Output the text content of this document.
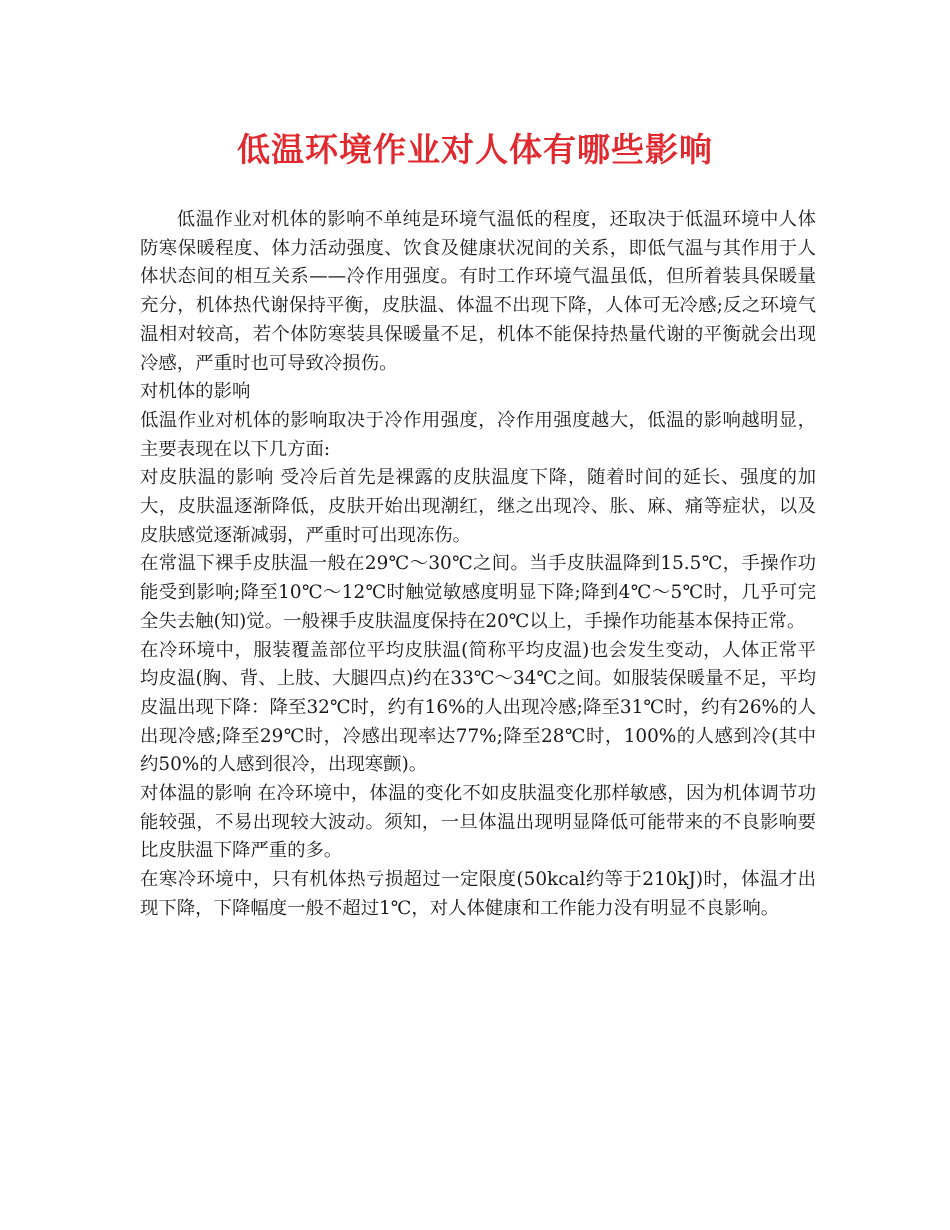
低温环境作业对人体有哪些影响

低温作业对机体的影响不单纯是环境气温低的程度，还取决于低温环境中人体防寒保暖程度、体力活动强度、饮食及健康状况间的关系，即低气温与其作用于人体状态间的相互关系——冷作用强度。有时工作环境气温虽低，但所着装具保暖量充分，机体热代谢保持平衡，皮肤温、体温不出现下降，人体可无冷感;反之环境气温相对较高，若个体防寒装具保暖量不足，机体不能保持热量代谢的平衡就会出现冷感，严重时也可导致冷损伤。

对机体的影响

低温作业对机体的影响取决于冷作用强度，冷作用强度越大，低温的影响越明显，主要表现在以下几方面:

对皮肤温的影响 受冷后首先是裸露的皮肤温度下降，随着时间的延长、强度的加大，皮肤温逐渐降低，皮肤开始出现潮红，继之出现冷、胀、麻、痛等症状，以及皮肤感觉逐渐减弱，严重时可出现冻伤。

在常温下裸手皮肤温一般在29℃～30℃之间。当手皮肤温降到15.5℃，手操作功能受到影响;降至10℃～12℃时触觉敏感度明显下降;降到4℃～5℃时，几乎可完全失去触(知)觉。一般裸手皮肤温度保持在20℃以上，手操作功能基本保持正常。

在冷环境中，服装覆盖部位平均皮肤温(简称平均皮温)也会发生变动，人体正常平均皮温(胸、背、上肢、大腿四点)约在33℃～34℃之间。如服装保暖量不足，平均皮温出现下降：降至32℃时，约有16%的人出现冷感;降至31℃时，约有26%的人出现冷感;降至29℃时，冷感出现率达77%;降至28℃时，100%的人感到冷(其中约50%的人感到很冷，出现寒颤)。

对体温的影响 在冷环境中，体温的变化不如皮肤温变化那样敏感，因为机体调节功能较强，不易出现较大波动。须知，一旦体温出现明显降低可能带来的不良影响要比皮肤温下降严重的多。

在寒冷环境中，只有机体热亏损超过一定限度(50kcal约等于210kJ)时，体温才出现下降，下降幅度一般不超过1℃，对人体健康和工作能力没有明显不良影响。
